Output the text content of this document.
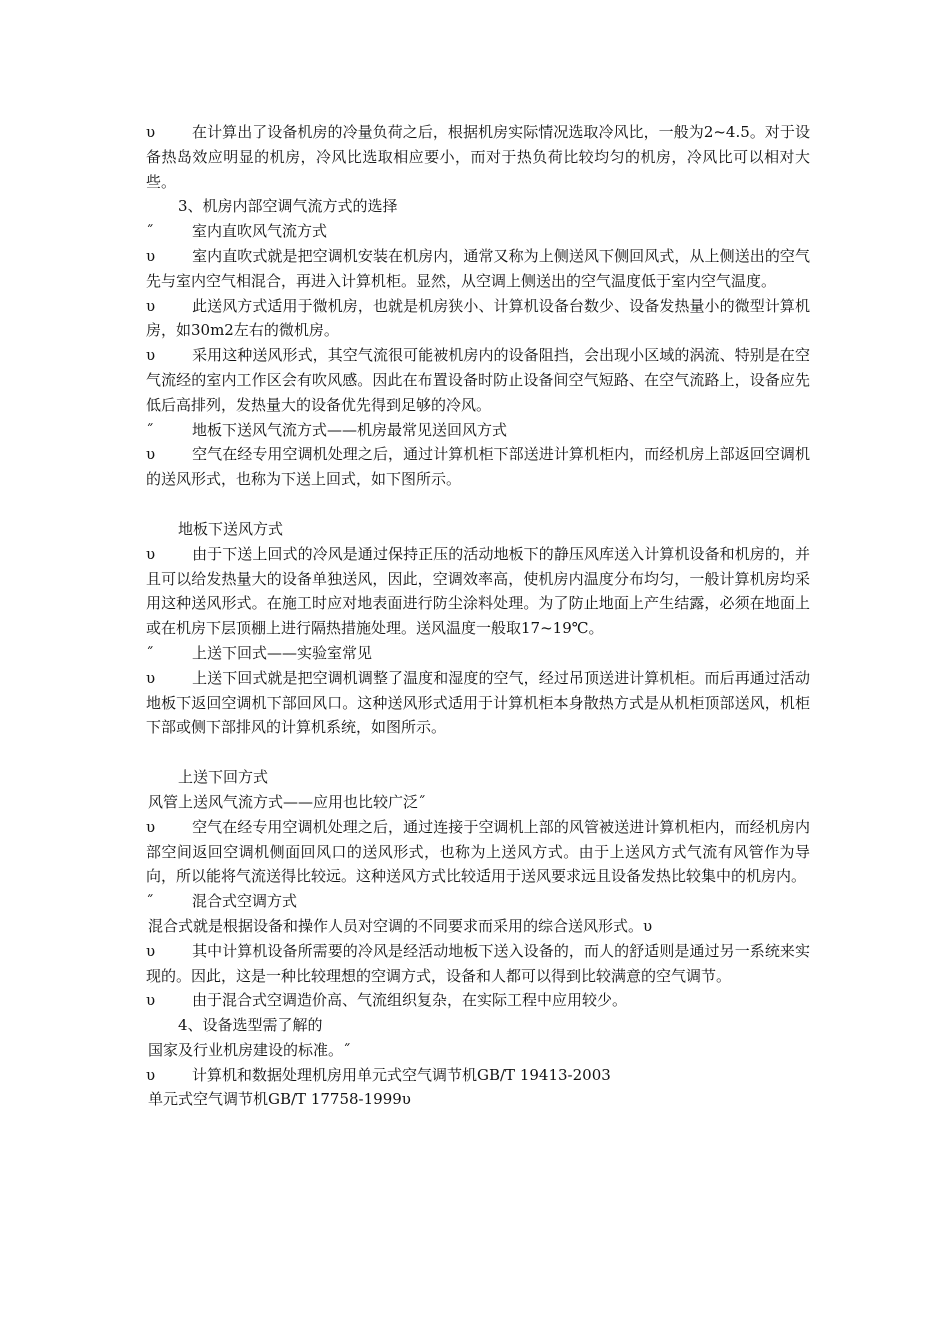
υ 在计算出了设备机房的冷量负荷之后，根据机房实际情况选取冷风比，一般为2~4.5。对于设备热岛效应明显的机房，冷风比选取相应要小，而对于热负荷比较均匀的机房，冷风比可以相对大些。

3、机房内部空调气流方式的选择

˝	室内直吹风气流方式

υ 室内直吹式就是把空调机安装在机房内，通常又称为上侧送风下侧回风式，从上侧送出的空气先与室内空气相混合，再进入计算机柜。显然，从空调上侧送出的空气温度低于室内空气温度。

υ 此送风方式适用于微机房，也就是机房狭小、计算机设备台数少、设备发热量小的微型计算机房，如30m2左右的微机房。

υ 采用这种送风形式，其空气流很可能被机房内的设备阻挡，会出现小区域的涡流、特别是在空气流经的室内工作区会有吹风感。因此在布置设备时防止设备间空气短路、在空气流路上，设备应先低后高排列，发热量大的设备优先得到足够的冷风。

˝	地板下送风气流方式——机房最常见送回风方式

υ 空气在经专用空调机处理之后，通过计算机柜下部送进计算机柜内，而经机房上部返回空调机的送风形式，也称为下送上回式，如下图所示。

地板下送风方式

υ 由于下送上回式的冷风是通过保持正压的活动地板下的静压风库送入计算机设备和机房的，并且可以给发热量大的设备单独送风，因此，空调效率高，使机房内温度分布均匀，一般计算机房均采用这种送风形式。在施工时应对地表面进行防尘涂料处理。为了防止地面上产生结露，必须在地面上或在机房下层顶棚上进行隔热措施处理。送风温度一般取17~19℃。

˝	上送下回式——实验室常见

υ 上送下回式就是把空调机调整了温度和湿度的空气，经过吊顶送进计算机柜。而后再通过活动地板下返回空调机下部回风口。这种送风形式适用于计算机柜本身散热方式是从机柜顶部送风，机柜下部或侧下部排风的计算机系统，如图所示。

上送下回方式

风管上送风气流方式——应用也比较广泛˝

υ 空气在经专用空调机处理之后，通过连接于空调机上部的风管被送进计算机柜内，而经机房内部空间返回空调机侧面回风口的送风形式，也称为上送风方式。由于上送风方式气流有风管作为导向，所以能将气流送得比较远。这种送风方式比较适用于送风要求远且设备发热比较集中的机房内。

˝	混合式空调方式

混合式就是根据设备和操作人员对空调的不同要求而采用的综合送风形式。υ

υ 其中计算机设备所需要的冷风是经活动地板下送入设备的，而人的舒适则是通过另一系统来实现的。因此，这是一种比较理想的空调方式，设备和人都可以得到比较满意的空气调节。

υ 由于混合式空调造价高、气流组织复杂，在实际工程中应用较少。

4、设备选型需了解的

国家及行业机房建设的标准。˝

υ 计算机和数据处理机房用单元式空气调节机GB/T 19413-2003

单元式空气调节机GB/T 17758-1999υ
